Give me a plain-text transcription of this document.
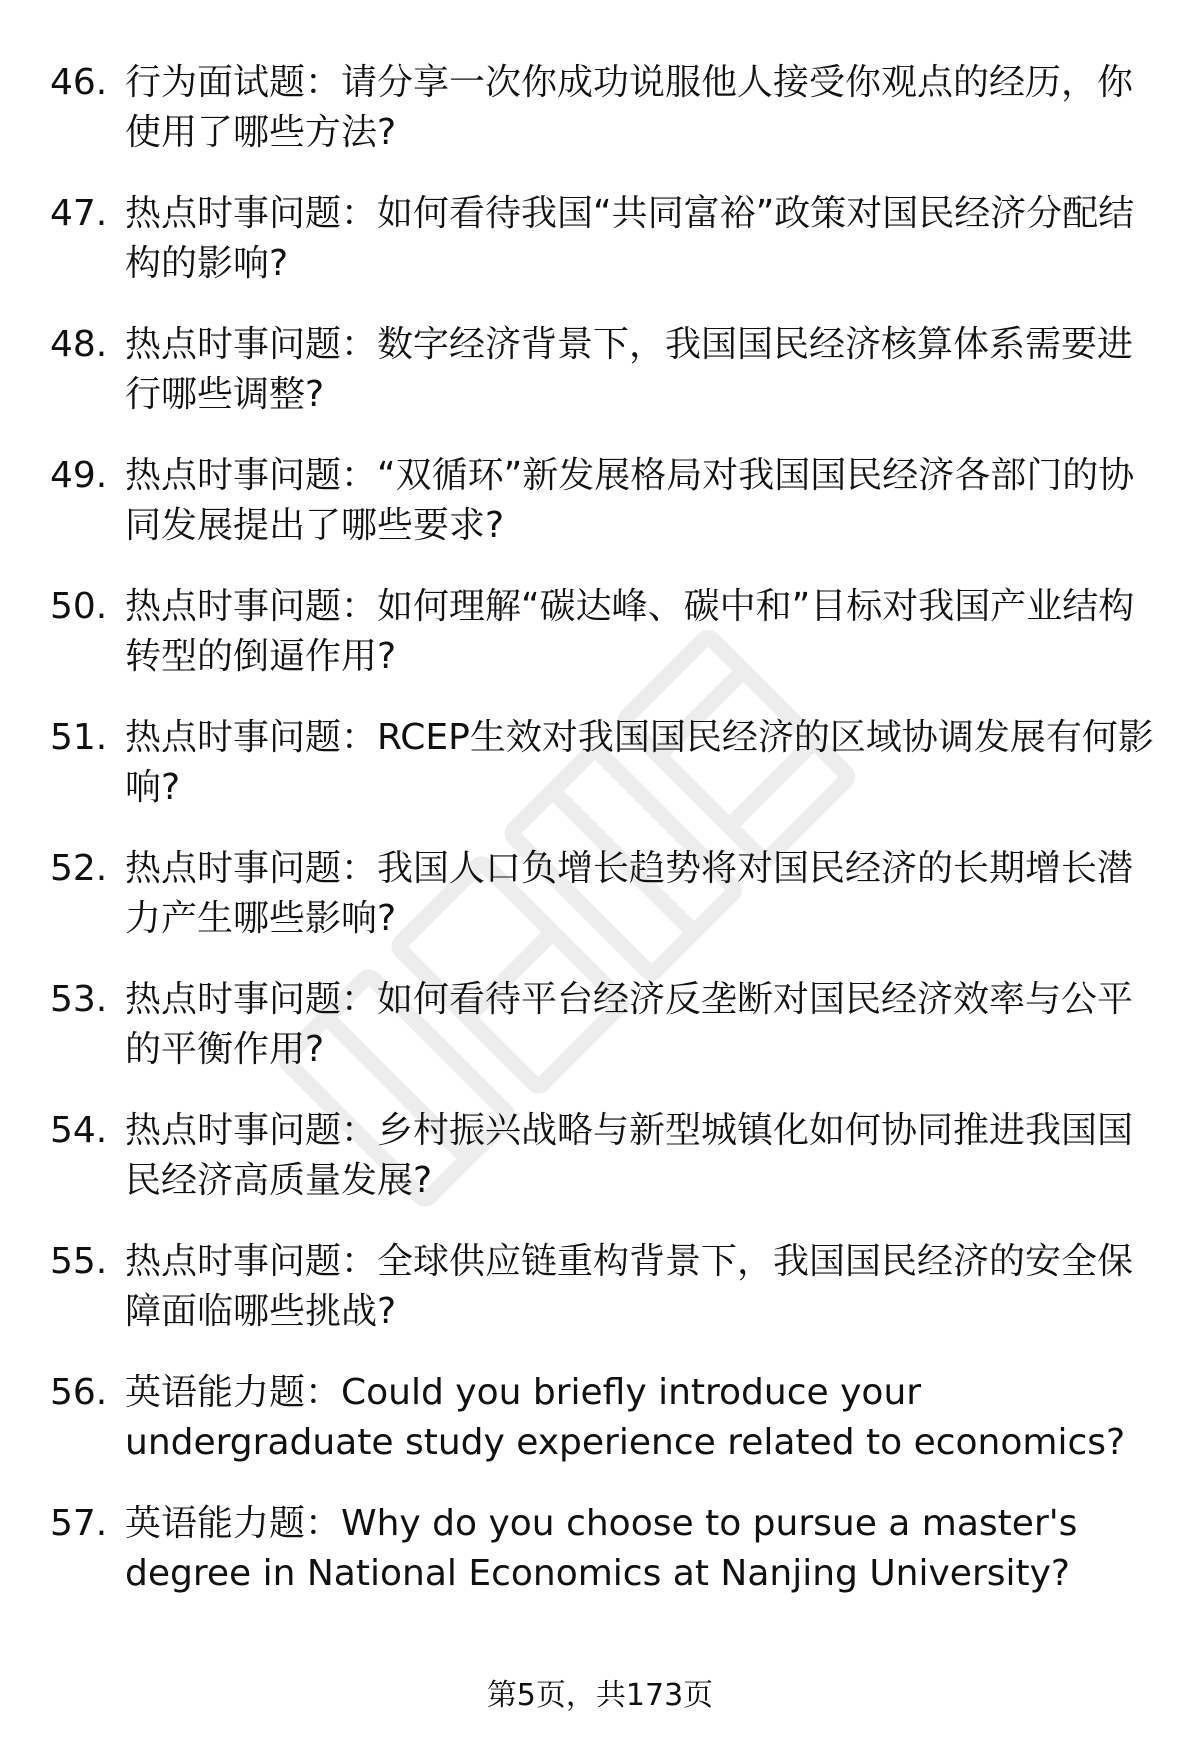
46. 行为面试题：请分享一次你成功说服他人接受你观点的经历，你使用了哪些方法?
47. 热点时事问题：如何看待我国“共同富裕”政策对国民经济分配结构的影响?
48. 热点时事问题：数字经济背景下，我国国民经济核算体系需要进行哪些调整?
49. 热点时事问题：“双循环”新发展格局对我国国民经济各部门的协同发展提出了哪些要求?
50. 热点时事问题：如何理解“碳达峰、碳中和”目标对我国产业结构转型的倒逼作用?
51. 热点时事问题：RCEP生效对我国国民经济的区域协调发展有何影响?
52. 热点时事问题：我国人口负增长趋势将对国民经济的长期增长潜力产生哪些影响?
53. 热点时事问题：如何看待平台经济反垄断对国民经济效率与公平的平衡作用?
54. 热点时事问题：乡村振兴战略与新型城镇化如何协同推进我国国民经济高质量发展?
55. 热点时事问题：全球供应链重构背景下，我国国民经济的安全保障面临哪些挑战?
56. 英语能力题：Could you briefly introduce your undergraduate study experience related to economics?
57. 英语能力题：Why do you choose to pursue a master's degree in National Economics at Nanjing University?
第5页，共173页
